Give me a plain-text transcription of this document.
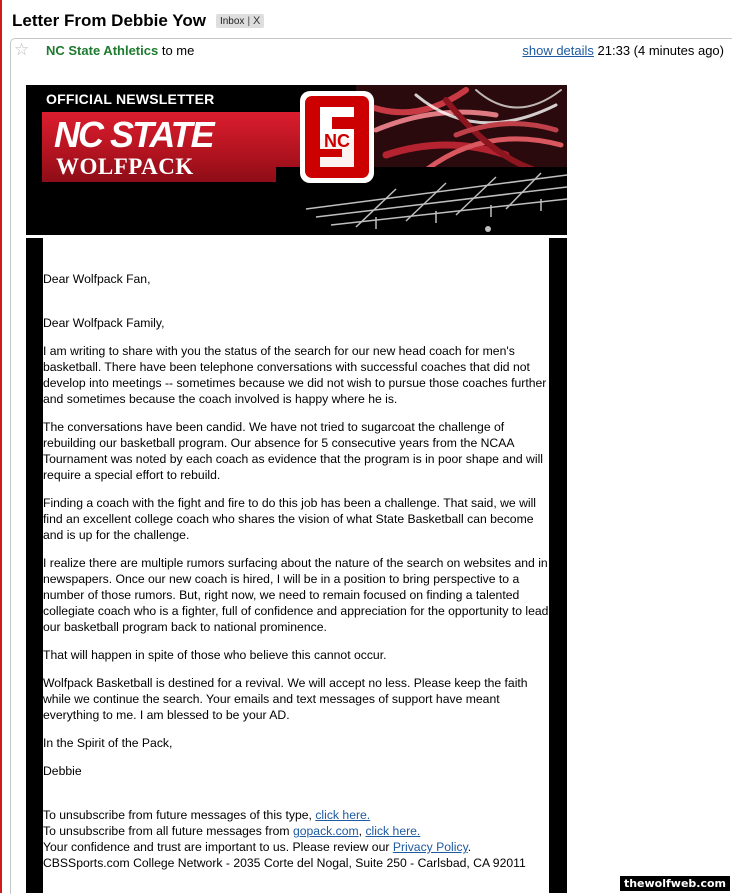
Letter From Debbie Yow Inbox | X
☆ NC State Athletics to me	show details 21:33 (4 minutes ago)
OFFICIAL NEWSLETTER
NC STATE
WOLFPACK
NC

Dear Wolfpack Fan,

Dear Wolfpack Family,

I am writing to share with you the status of the search for our new head coach for men's basketball. There have been telephone conversations with successful coaches that did not develop into meetings -- sometimes because we did not wish to pursue those coaches further and sometimes because the coach involved is happy where he is.

The conversations have been candid. We have not tried to sugarcoat the challenge of rebuilding our basketball program. Our absence for 5 consecutive years from the NCAA Tournament was noted by each coach as evidence that the program is in poor shape and will require a special effort to rebuild.

Finding a coach with the fight and fire to do this job has been a challenge. That said, we will find an excellent college coach who shares the vision of what State Basketball can become and is up for the challenge.

I realize there are multiple rumors surfacing about the nature of the search on websites and in newspapers. Once our new coach is hired, I will be in a position to bring perspective to a number of those rumors. But, right now, we need to remain focused on finding a talented collegiate coach who is a fighter, full of confidence and appreciation for the opportunity to lead our basketball program back to national prominence.

That will happen in spite of those who believe this cannot occur.

Wolfpack Basketball is destined for a revival. We will accept no less. Please keep the faith while we continue the search. Your emails and text messages of support have meant everything to me. I am blessed to be your AD.

In the Spirit of the Pack,

Debbie

To unsubscribe from future messages of this type, click here.

To unsubscribe from all future messages from gopack.com, click here.

Your confidence and trust are important to us. Please review our Privacy Policy.

CBSSports.com College Network - 2035 Corte del Nogal, Suite 250 - Carlsbad, CA 92011

thewolfweb.com
